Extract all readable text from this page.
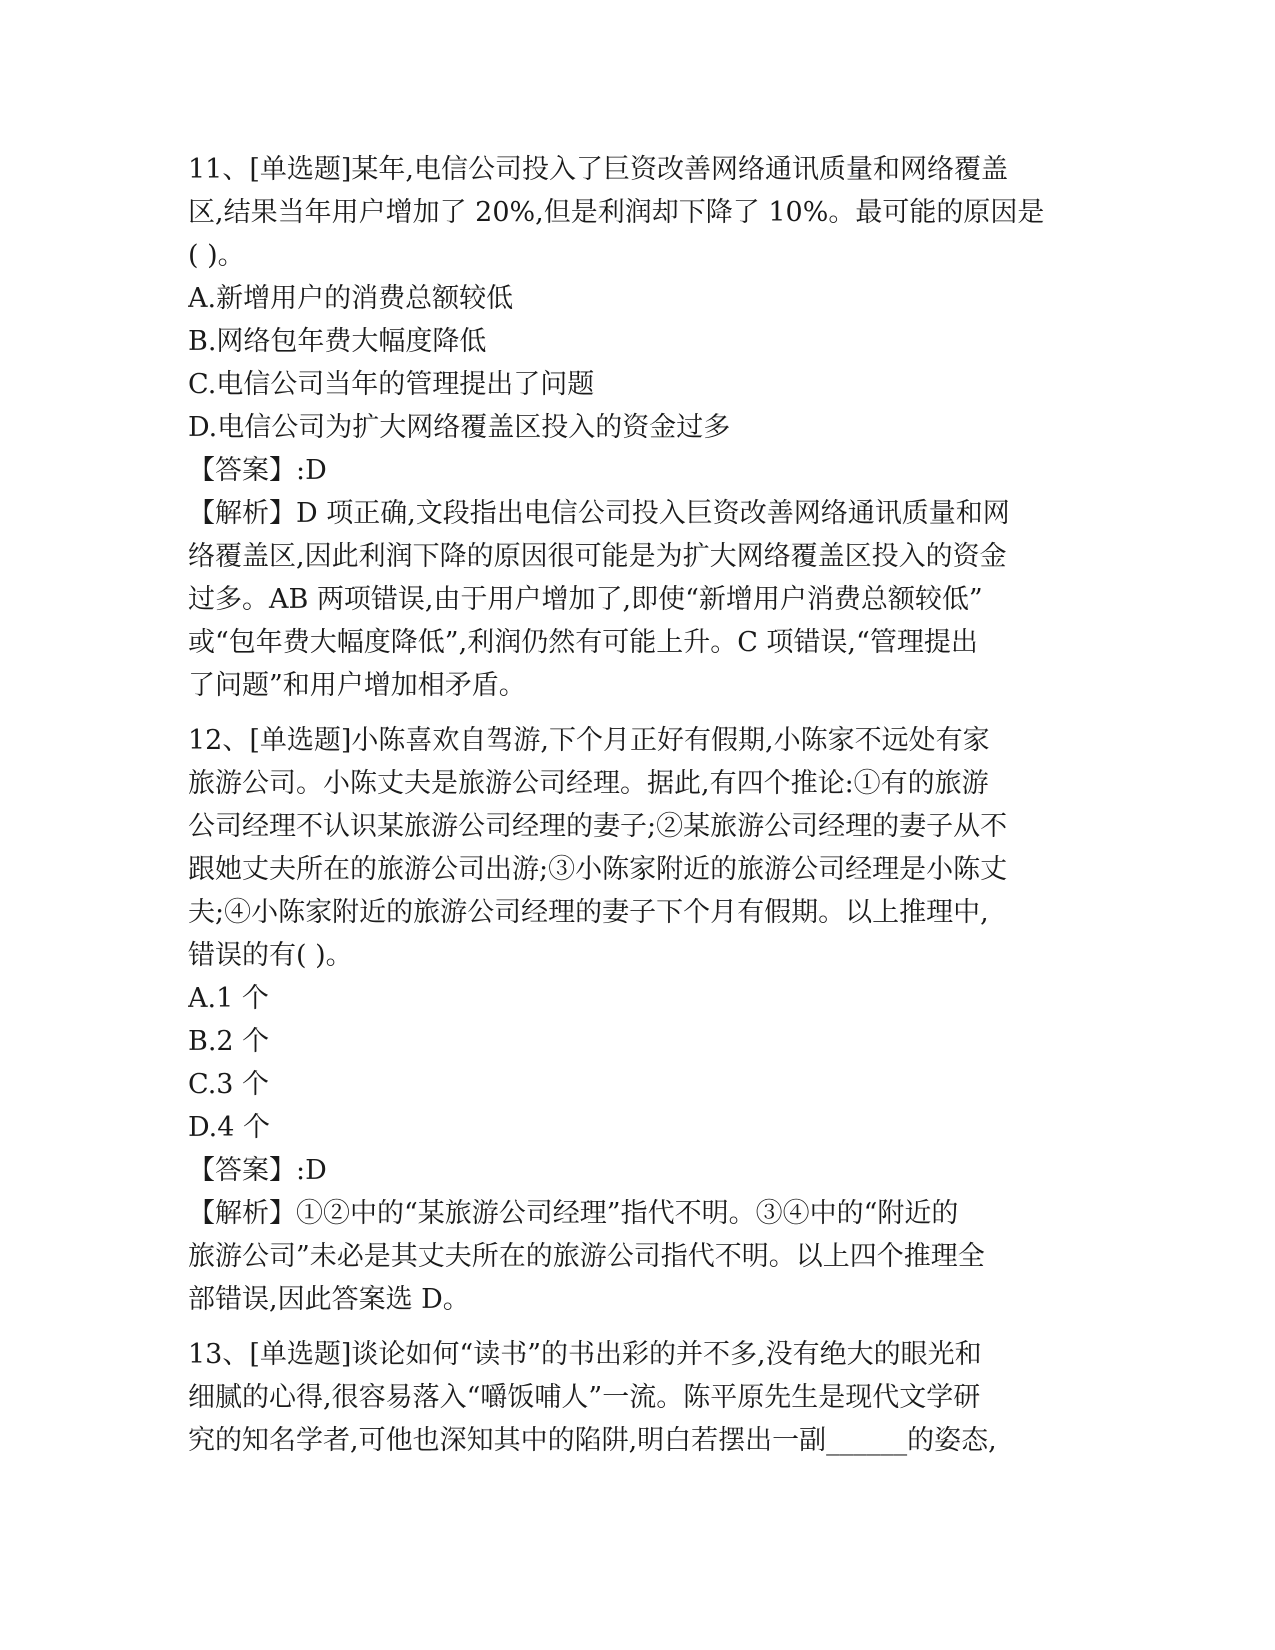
11、[单选题]某年,电信公司投入了巨资改善网络通讯质量和网络覆盖
区,结果当年用户增加了 20%,但是利润却下降了 10%。最可能的原因是
( )。
A.新增用户的消费总额较低
B.网络包年费大幅度降低
C.电信公司当年的管理提出了问题
D.电信公司为扩大网络覆盖区投入的资金过多
【答案】:D
【解析】D 项正确,文段指出电信公司投入巨资改善网络通讯质量和网
络覆盖区,因此利润下降的原因很可能是为扩大网络覆盖区投入的资金
过多。AB 两项错误,由于用户增加了,即使“新增用户消费总额较低”
或“包年费大幅度降低”,利润仍然有可能上升。C 项错误,“管理提出
了问题”和用户增加相矛盾。
12、[单选题]小陈喜欢自驾游,下个月正好有假期,小陈家不远处有家
旅游公司。小陈丈夫是旅游公司经理。据此,有四个推论:①有的旅游
公司经理不认识某旅游公司经理的妻子;②某旅游公司经理的妻子从不
跟她丈夫所在的旅游公司出游;③小陈家附近的旅游公司经理是小陈丈
夫;④小陈家附近的旅游公司经理的妻子下个月有假期。以上推理中,
错误的有( )。
A.1 个
B.2 个
C.3 个
D.4 个
【答案】:D
【解析】①②中的“某旅游公司经理”指代不明。③④中的“附近的
旅游公司”未必是其丈夫所在的旅游公司指代不明。以上四个推理全
部错误,因此答案选 D。
13、[单选题]谈论如何“读书”的书出彩的并不多,没有绝大的眼光和
细腻的心得,很容易落入“嚼饭哺人”一流。陈平原先生是现代文学研
究的知名学者,可他也深知其中的陷阱,明白若摆出一副______的姿态,
